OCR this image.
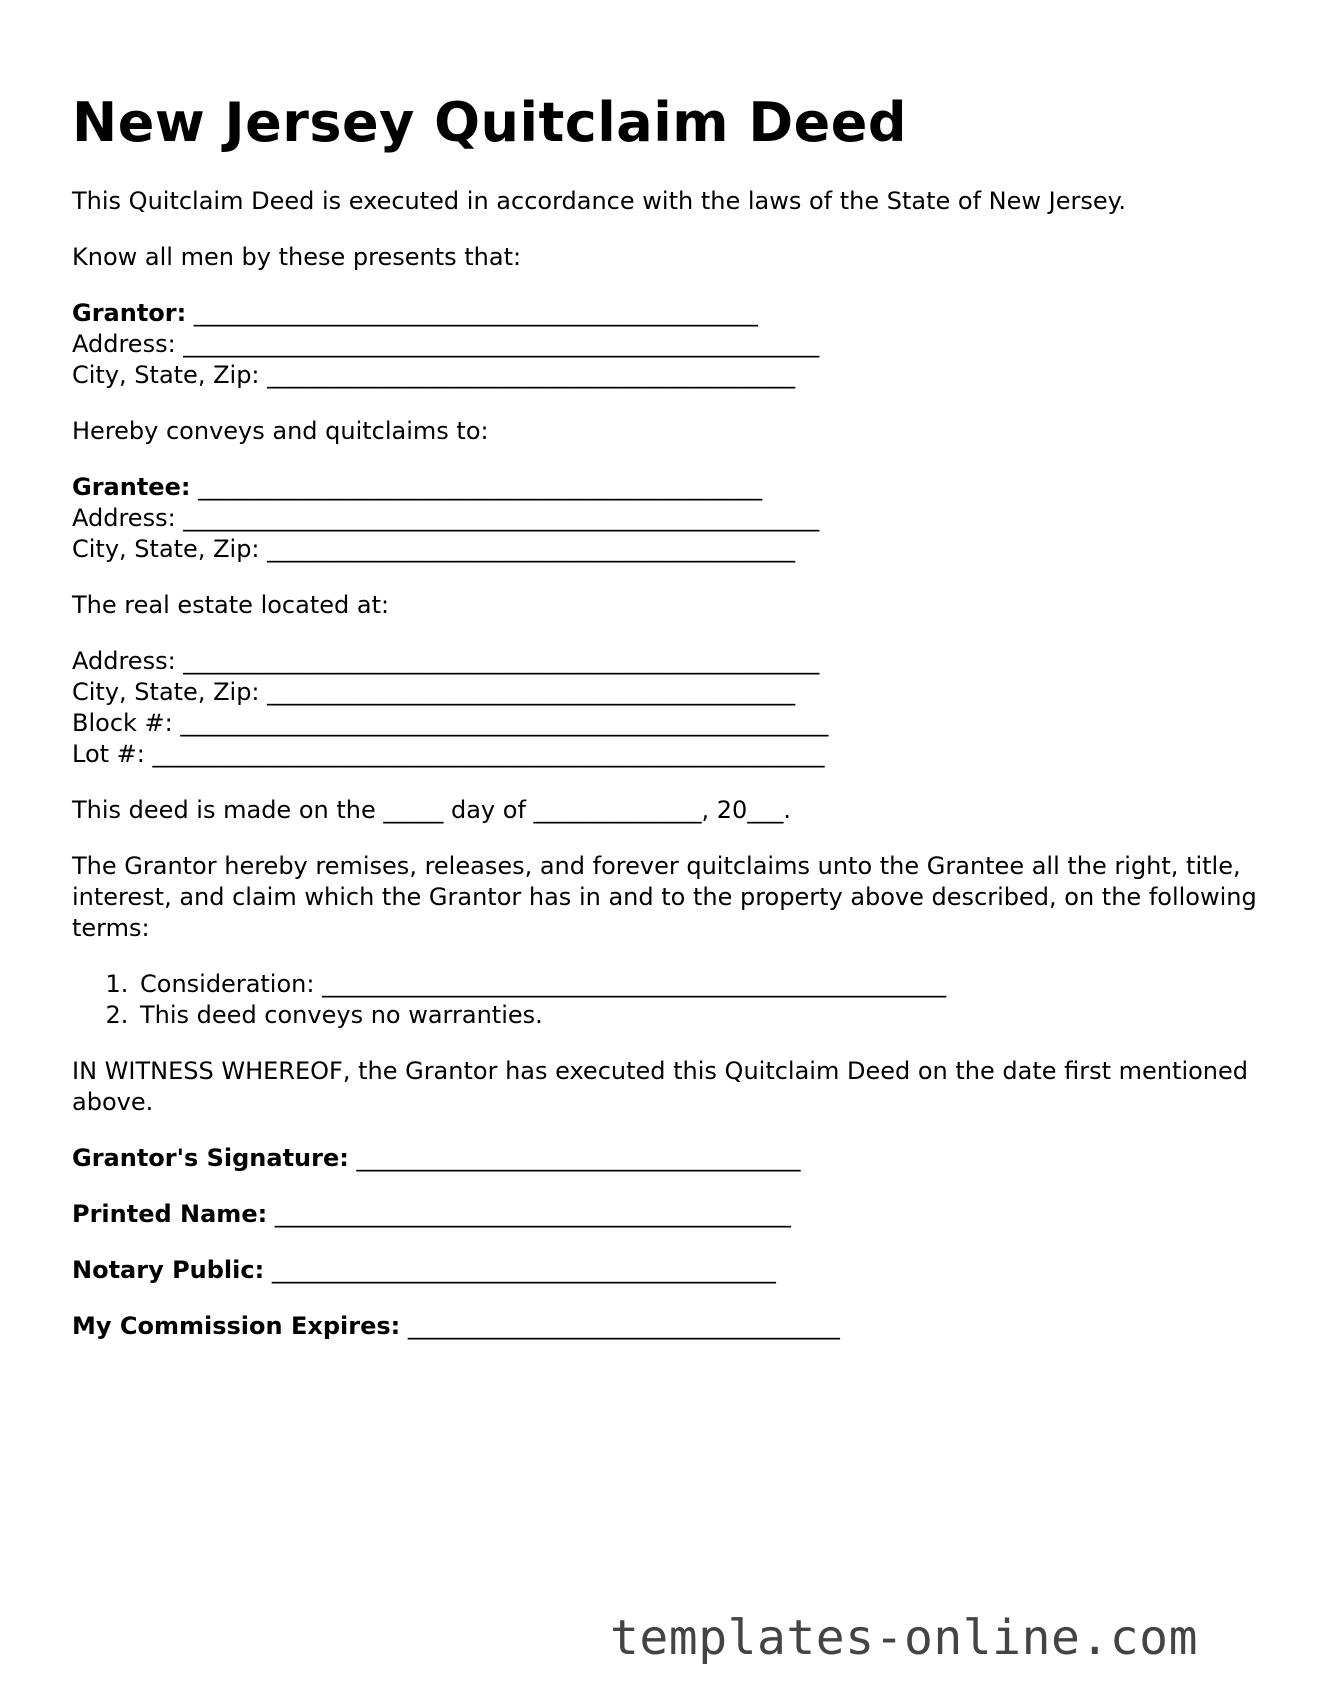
New Jersey Quitclaim Deed

This Quitclaim Deed is executed in accordance with the laws of the State of New Jersey.

Know all men by these presents that:

Grantor: _______________________________________________

Address: _____________________________________________________

City, State, Zip: ____________________________________________

Hereby conveys and quitclaims to:

Grantee: _______________________________________________

Address: _____________________________________________________

City, State, Zip: ____________________________________________

The real estate located at:

Address: _____________________________________________________

City, State, Zip: ____________________________________________

Block #: ______________________________________________________

Lot #: ________________________________________________________

This deed is made on the _____ day of ______________, 20___.

The Grantor hereby remises, releases, and forever quitclaims unto the Grantee all the right, title, interest, and claim which the Grantor has in and to the property above described, on the following terms:

1. Consideration: ____________________________________________________
2. This deed conveys no warranties.

IN WITNESS WHEREOF, the Grantor has executed this Quitclaim Deed on the date first mentioned above.

Grantor's Signature: _____________________________________

Printed Name: ___________________________________________

Notary Public: __________________________________________

My Commission Expires: ____________________________________

templates-online.com
